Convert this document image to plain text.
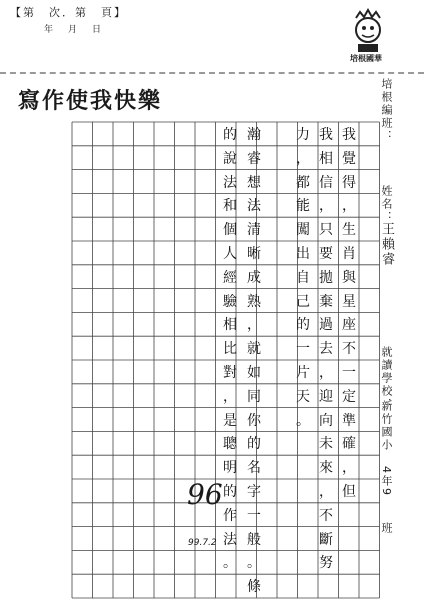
【第　次．第　頁】
年　月　日
培根國華
寫作使我快樂
我
覺
得
，
生
肖
與
星
座
不
一
定
準
確
，
但
我
相
信
，
只
要
拋
棄
過
去
，
迎
向
未
來
，
不
斷
努
力
，
都
能
闖
出
自
己
的
一
片
天
。
瀚
睿
想
法
清
晰
成
熟
，
就
如
同
你
的
名
字
一
般
。
條
的
說
法
和
個
人
經
驗
相
比
對
，
是
聰
明
的
作
法
。
培根編班：
姓名：
王賴睿
就讀學校：
新竹國小
4年9
班
96
99.7.2
